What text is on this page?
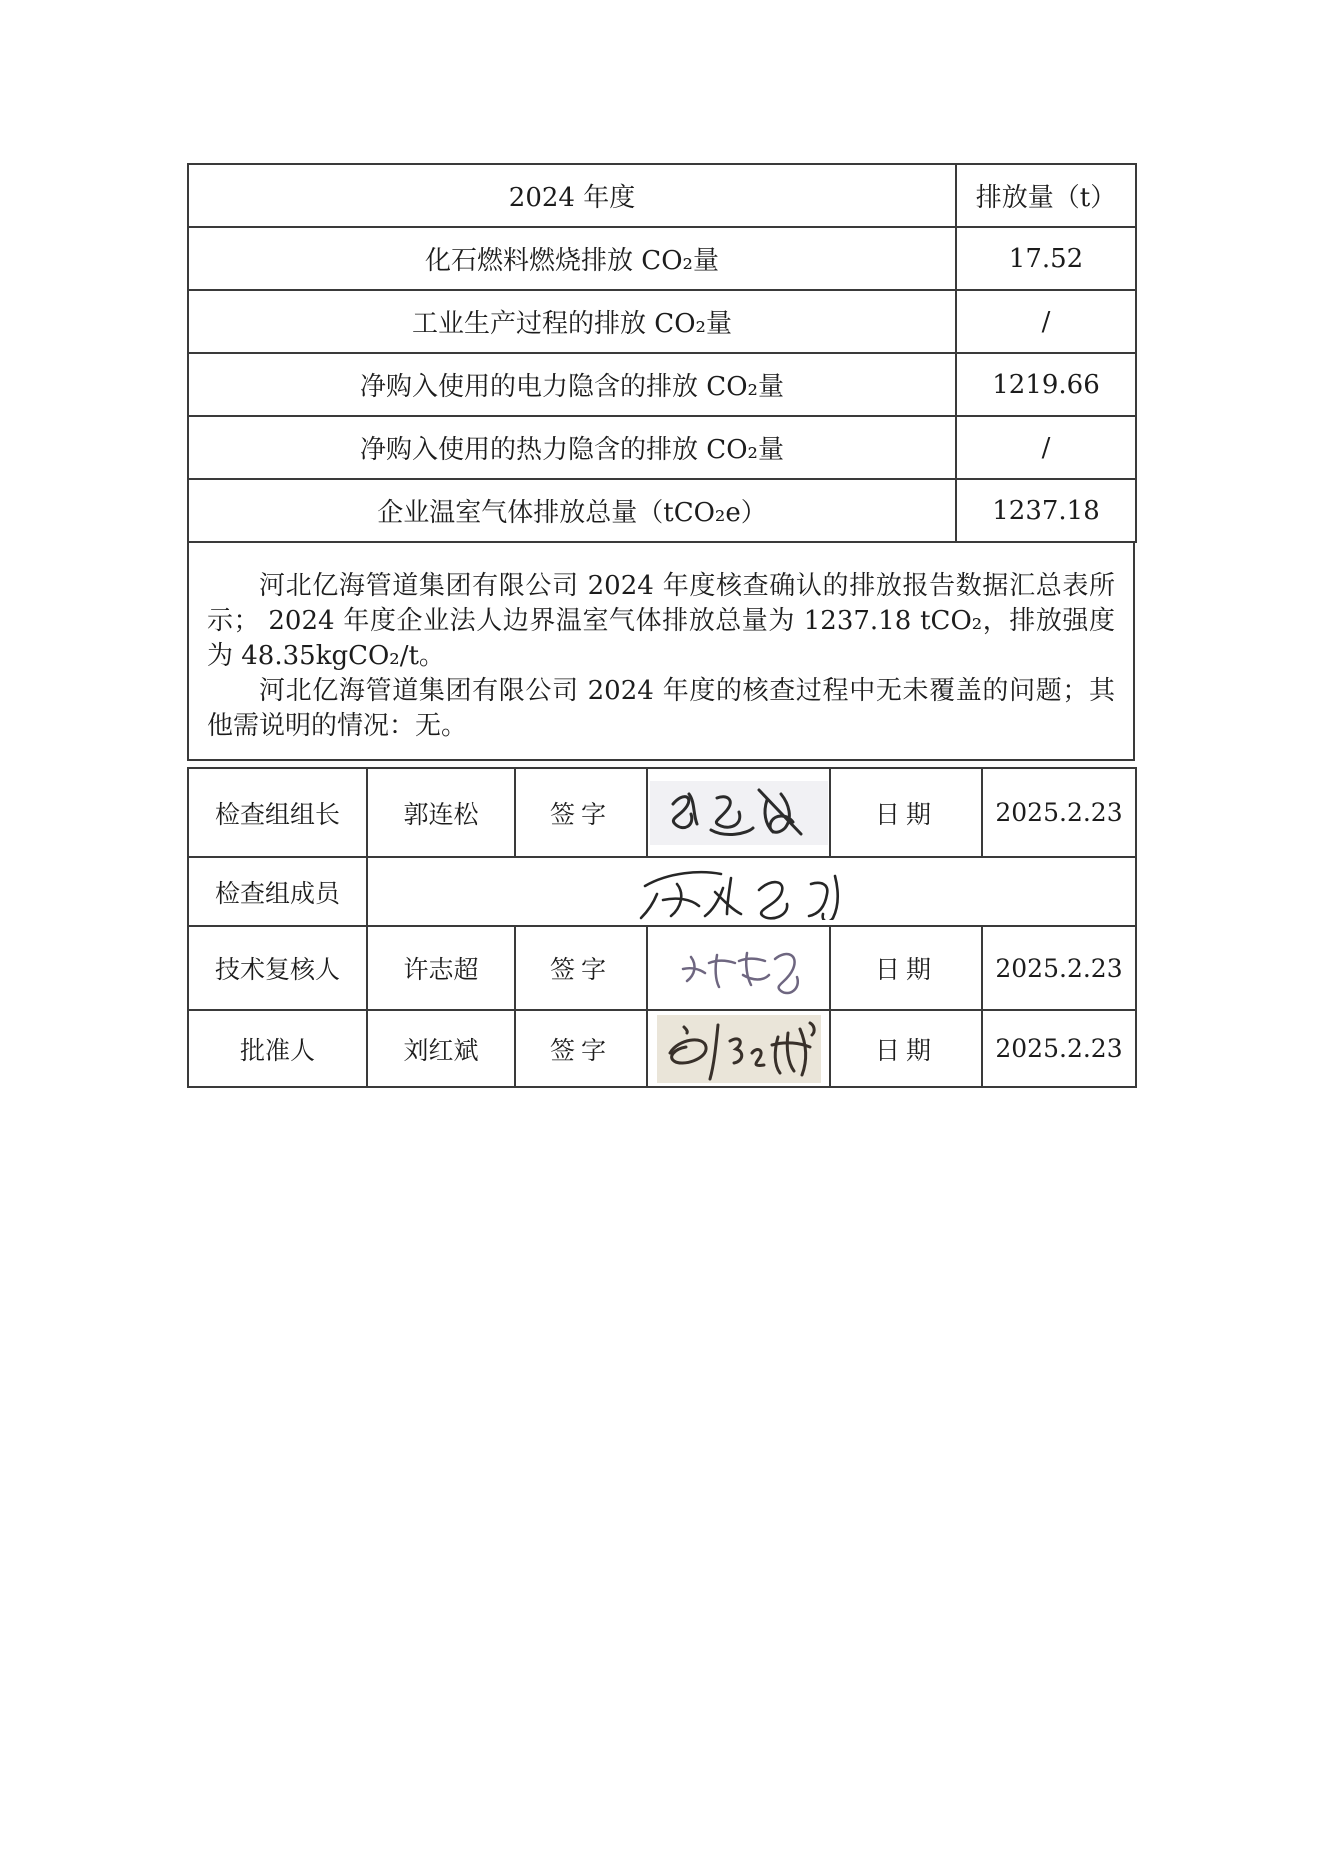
2024 年度	排放量（t）
化石燃料燃烧排放 CO₂量	17.52
工业生产过程的排放 CO₂量	/
净购入使用的电力隐含的排放 CO₂量	1219.66
净购入使用的热力隐含的排放 CO₂量	/
企业温室气体排放总量（tCO₂e）	1237.18

河北亿海管道集团有限公司 2024 年度核查确认的排放报告数据汇总表所示； 2024 年度企业法人边界温室气体排放总量为 1237.18 tCO₂，排放强度为 48.35kgCO₂/t。

河北亿海管道集团有限公司 2024 年度的核查过程中无未覆盖的问题；其他需说明的情况：无。

检查组组长	郭连松	签字		日期	2025.2.23
检查组成员	

技术复核人	许志超	签字		日期	2025.2.23
批准人	刘红斌	签字		日期	2025.2.23
